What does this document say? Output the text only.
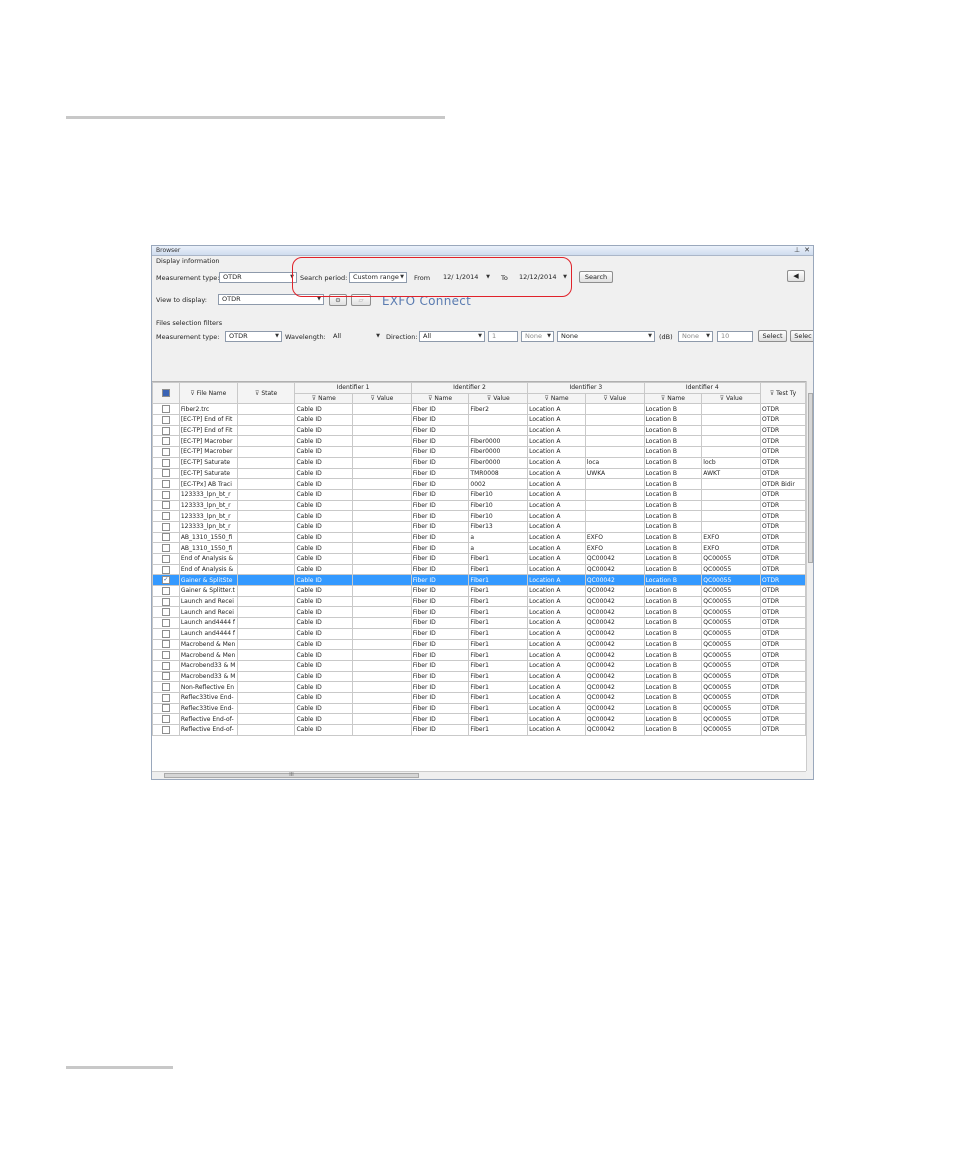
Browser	⊥ ✕
Display information
Measurement type: OTDR	▼ Search period: Custom range ▼ From	12/ 1/2014 ▼ To	12/12/2014 ▼	Search	◀
View to display:	OTDR	▼	⊙	▱	EXFO Connect
Files selection filters
Measurement type:	OTDR	▼ Wavelength:	All	▼ Direction: All	▼	1	None ▼	None	▼ (dB)	None ▼	10	Select	Selec
	⊽ File Name	⊽ State	Identifier 1		Identifier 2		Identifier 3		Identifier 4		⊽ Test Ty
			⊽ Name	⊽ Value	⊽ Name	⊽ Value	⊽ Name	⊽ Value	⊽ Name	⊽ Value	
	Fiber2.trc		Cable ID		Fiber ID	Fiber2	Location A		Location B		OTDR
	[EC-TP] End of Fit		Cable ID		Fiber ID		Location A		Location B		OTDR
	[EC-TP] End of Fit		Cable ID		Fiber ID		Location A		Location B		OTDR
	[EC-TP] Macrober		Cable ID		Fiber ID	Fiber0000	Location A		Location B		OTDR
	[EC-TP] Macrober		Cable ID		Fiber ID	Fiber0000	Location A		Location B		OTDR
	[EC-TP] Saturate		Cable ID		Fiber ID	Fiber0000	Location A	loca	Location B	locb	OTDR
	[EC-TP] Saturate		Cable ID		Fiber ID	TMR0008	Location A	UWKA	Location B	AWKT	OTDR
	[EC-TPx] AB Traci		Cable ID		Fiber ID	0002	Location A		Location B		OTDR Bidir
	123333_lpn_bt_r		Cable ID		Fiber ID	Fiber10	Location A		Location B		OTDR
	123333_lpn_bt_r		Cable ID		Fiber ID	Fiber10	Location A		Location B		OTDR
	123333_lpn_bt_r		Cable ID		Fiber ID	Fiber10	Location A		Location B		OTDR
	123333_lpn_bt_r		Cable ID		Fiber ID	Fiber13	Location A		Location B		OTDR
	AB_1310_1550_fi		Cable ID		Fiber ID	a	Location A	EXFO	Location B	EXFO	OTDR
	AB_1310_1550_fi		Cable ID		Fiber ID	a	Location A	EXFO	Location B	EXFO	OTDR
	End of Analysis &		Cable ID		Fiber ID	Fiber1	Location A	QC00042	Location B	QC00055	OTDR
	End of Analysis &		Cable ID		Fiber ID	Fiber1	Location A	QC00042	Location B	QC00055	OTDR
✓	Gainer & SplitSte		Cable ID		Fiber ID	Fiber1	Location A	QC00042	Location B	QC00055	OTDR
	Gainer & Splitter.t		Cable ID		Fiber ID	Fiber1	Location A	QC00042	Location B	QC00055	OTDR
	Launch and Recei		Cable ID		Fiber ID	Fiber1	Location A	QC00042	Location B	QC00055	OTDR
	Launch and Recei		Cable ID		Fiber ID	Fiber1	Location A	QC00042	Location B	QC00055	OTDR
	Launch and4444 f		Cable ID		Fiber ID	Fiber1	Location A	QC00042	Location B	QC00055	OTDR
	Launch and4444 f		Cable ID		Fiber ID	Fiber1	Location A	QC00042	Location B	QC00055	OTDR
	Macrobend & Men		Cable ID		Fiber ID	Fiber1	Location A	QC00042	Location B	QC00055	OTDR
	Macrobend & Men		Cable ID		Fiber ID	Fiber1	Location A	QC00042	Location B	QC00055	OTDR
	Macrobend33 & M		Cable ID		Fiber ID	Fiber1	Location A	QC00042	Location B	QC00055	OTDR
	Macrobend33 & M		Cable ID		Fiber ID	Fiber1	Location A	QC00042	Location B	QC00055	OTDR
	Non-Reflective En		Cable ID		Fiber ID	Fiber1	Location A	QC00042	Location B	QC00055	OTDR
	Reflec33tive End-		Cable ID		Fiber ID	Fiber1	Location A	QC00042	Location B	QC00055	OTDR
	Reflec33tive End-		Cable ID		Fiber ID	Fiber1	Location A	QC00042	Location B	QC00055	OTDR
	Reflective End-of-		Cable ID		Fiber ID	Fiber1	Location A	QC00042	Location B	QC00055	OTDR
	Reflective End-of-		Cable ID		Fiber ID	Fiber1	Location A	QC00042	Location B	QC00055	OTDR
III
